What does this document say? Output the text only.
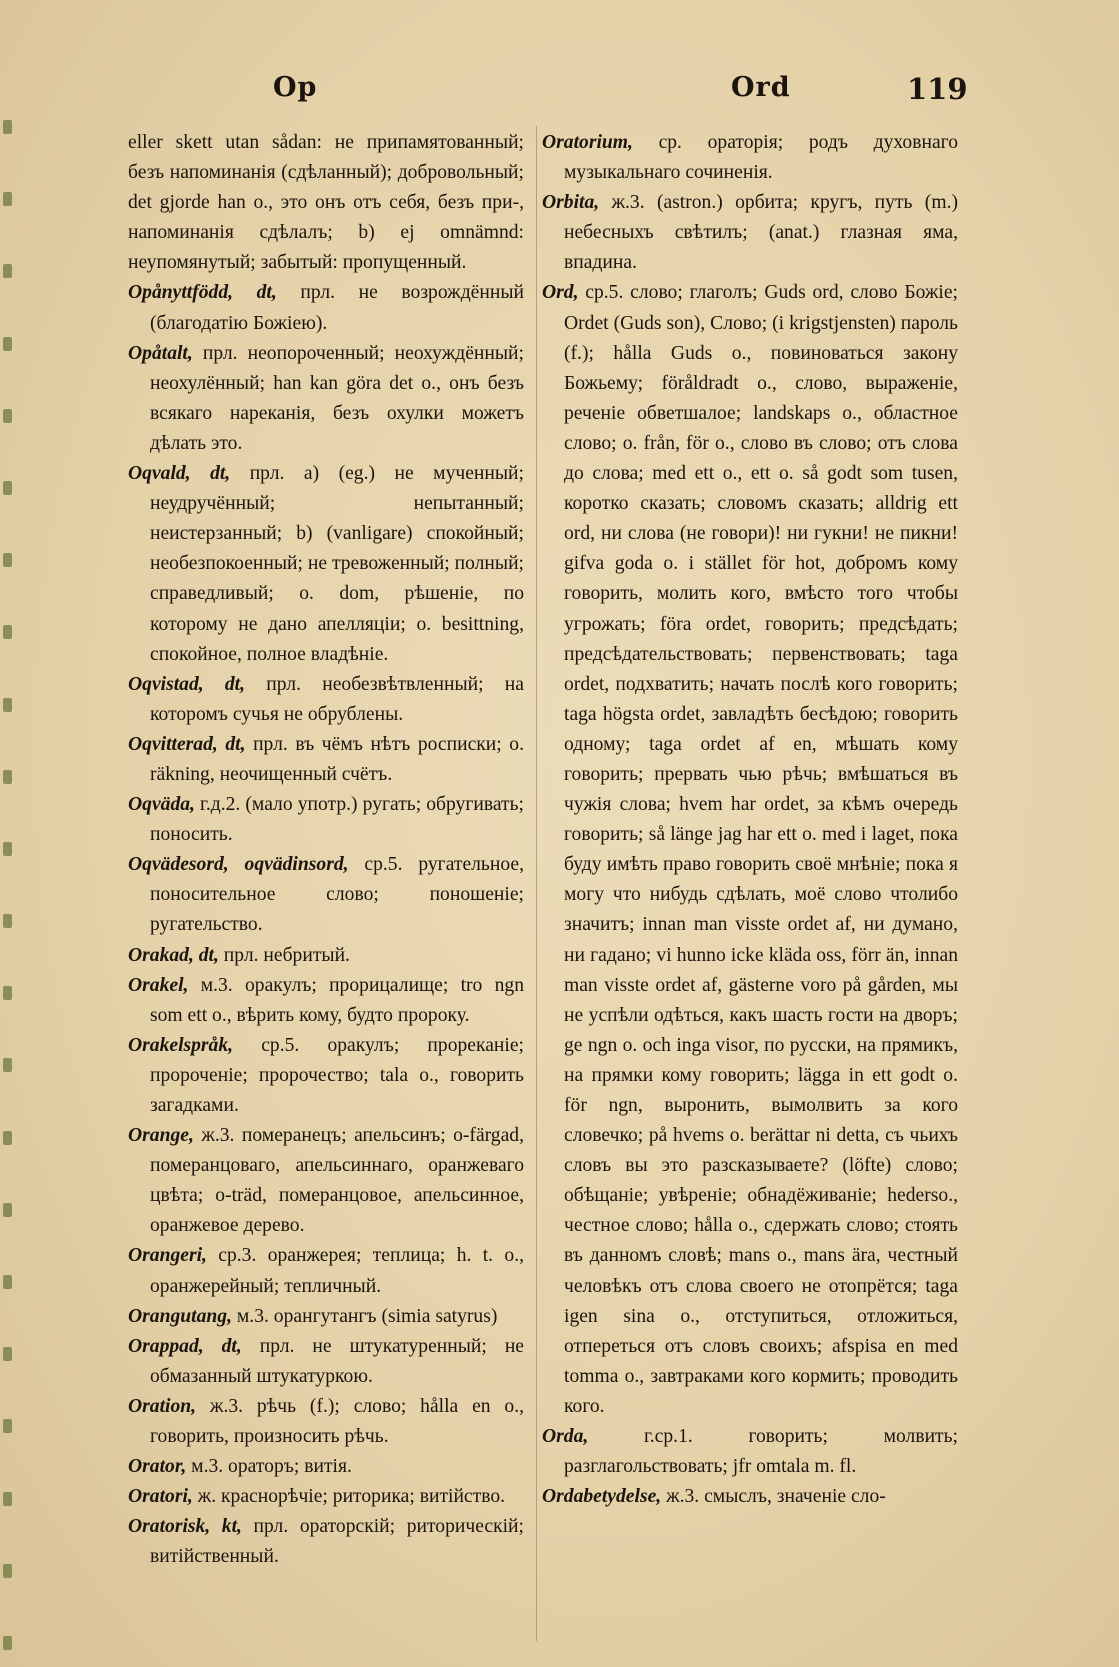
Op	Ord	119

eller skett utan sådan: не припамятованный; безъ напоминанія (сдѣланный); добровольный; det gjorde han o., это онъ отъ себя, безъ при-, напоминанія сдѣлалъ; b) ej omnämnd: неупомянутый; забытый: пропущенный.

Opånyttfödd, dt, прл. не возрождённый (благодатію Божіею).

Opåtalt, прл. неопороченный; неохуждённый; неохулённый; han kan göra det o., онъ безъ всякаго нареканія, безъ охулки можетъ дѣлать это.

Oqvald, dt, прл. a) (eg.) не мученный; неудручённый; непытанный; неистерзанный; b) (vanligare) спокойный; необезпокоенный; не тревоженный; полный; справедливый; o. dom, рѣшеніе, по которому не дано апелляціи; o. besittning, спокойное, полное владѣніе.

Oqvistad, dt, прл. необезвѣтвленный; на которомъ сучья не обрублены.

Oqvitterad, dt, прл. въ чёмъ нѣтъ росписки; o. räkning, неочищенный счётъ.

Oqväda, г.д.2. (мало употр.) ругать; обругивать; поносить.

Oqvädesord, oqvädinsord, ср.5. ругательное, поносительное слово; поношеніе; ругательство.

Orakad, dt, прл. небритый.

Orakel, м.3. оракулъ; прорицалище; tro ngn som ett o., вѣрить кому, будто пророку.

Orakelspråk, ср.5. оракулъ; прореканіе; пророченіе; пророчество; tala o., говорить загадками.

Orange, ж.3. померанецъ; апельсинъ; o-färgad, померанцоваго, апельсиннаго, оранжеваго цвѣта; o-träd, померанцовое, апельсинное, оранжевое дерево.

Orangeri, ср.3. оранжерея; теплица; h. t. o., оранжерейный; тепличный.

Orangutang, м.3. орангутангъ (simia satyrus)

Orappad, dt, прл. не штукатуренный; не обмазанный штукатуркою.

Oration, ж.3. рѣчь (f.); слово; hålla en o., говорить, произносить рѣчь.

Orator, м.3. ораторъ; витія.

Oratori, ж. краснорѣчіе; риторика; витійство.

Oratorisk, kt, прл. ораторскій; риторическій; витійственный.

Oratorium, ср. ораторія; родъ духовнаго музыкальнаго сочиненія.

Orbita, ж.3. (astron.) орбита; кругъ, путь (m.) небесныхъ свѣтилъ; (anat.) глазная яма, впадина.

Ord, ср.5. слово; глаголъ; Guds ord, слово Божіе; Ordet (Guds son), Слово; (i krigstjensten) пароль (f.); hålla Guds o., повиноваться закону Божьему; föråldradt o., слово, выраженіе, реченіе обветшалое; landskaps o., областное слово; o. från, för o., слово въ слово; отъ слова до слова; med ett o., ett o. så godt som tusen, коротко сказать; словомъ сказать; alldrig ett ord, ни слова (не говори)! ни гукни! не пикни! gifva goda o. i stället för hot, добромъ кому говорить, молить кого, вмѣсто того чтобы угрожать; föra ordet, говорить; предсѣдать; предсѣдательствовать; первенствовать; taga ordet, подхватить; начать послѣ кого говорить; taga högsta ordet, завладѣть бесѣдою; говорить одному; taga ordet af en, мѣшать кому говорить; прервать чью рѣчь; вмѣшаться въ чужія слова; hvem har ordet, за кѣмъ очередь говорить; så länge jag har ett o. med i laget, пока буду имѣть право говорить своё мнѣніе; пока я могу что нибудь сдѣлать, моё слово чтолибо значитъ; innan man visste ordet af, ни думано, ни гадано; vi hunno icke kläda oss, förr än, innan man visste ordet af, gästerne voro på gården, мы не успѣли одѣться, какъ шасть гости на дворъ; ge ngn o. och inga visor, по русски, на прямикъ, на прямки кому говорить; lägga in ett godt o. för ngn, выронить, вымолвить за кого словечко; på hvems o. berättar ni detta, съ чьихъ словъ вы это разсказываете? (löfte) слово; обѣщаніе; увѣреніе; обнадёживаніе; hederso., честное слово; hålla o., сдержать слово; стоять въ данномъ словѣ; mans o., mans ära, честный человѣкъ отъ слова своего не отопрётся; taga igen sina o., отступиться, отложиться, отпереться отъ словъ своихъ; afspisa en med tomma o., завтраками кого кормить; проводить кого.

Orda, г.ср.1. говорить; молвить; разглагольствовать; jfr omtala m. fl.

Ordabetydelse, ж.3. смыслъ, значеніе сло-
